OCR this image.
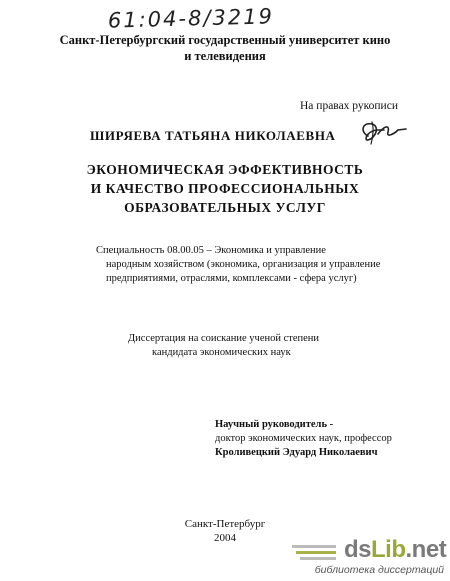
61:04-8/3219
Санкт-Петербургский государственный университет кино
и телевидения
На правах рукописи
ШИРЯЕВА ТАТЬЯНА НИКОЛАЕВНА
ЭКОНОМИЧЕСКАЯ ЭФФЕКТИВНОСТЬ
И КАЧЕСТВО ПРОФЕССИОНАЛЬНЫХ
ОБРАЗОВАТЕЛЬНЫХ УСЛУГ
Специальность 08.00.05 – Экономика и управление
народным хозяйством (экономика, организация и управление
предприятиями, отраслями, комплексами - сфера услуг)
Диссертация на соискание ученой степени
кандидата экономических наук
Научный руководитель -
доктор экономических наук, профессор
Кроливецкий Эдуард Николаевич
Санкт-Петербург
2004	dsLib.net
библиотека диссертаций
